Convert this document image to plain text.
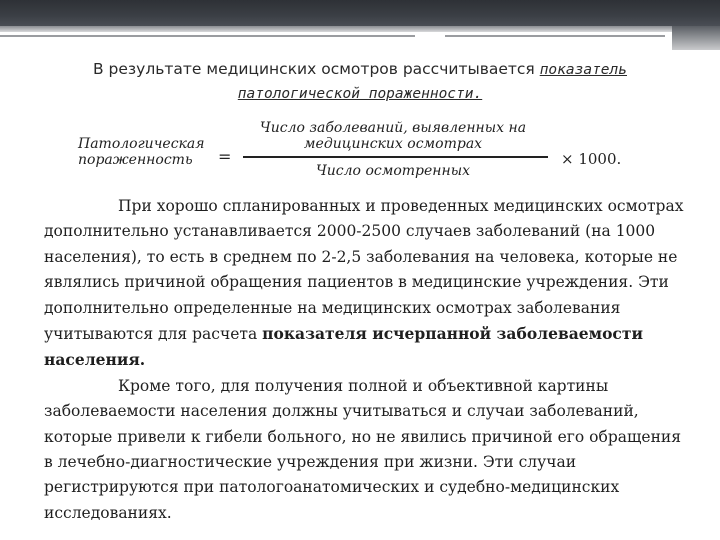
В результате медицинских осмотров рассчитывается показатель
патологической пораженности.
Патологическая
пораженность	=
Число заболеваний, выявленных на
медицинских осмотрах
Число осмотренных
× 1000.

При хорошо спланированных и проведенных медицинских осмотрах дополнительно устанавливается 2000-2500 случаев заболеваний (на 1000 населения), то есть в среднем по 2-2,5 заболевания на человека, которые не являлись причиной обращения пациентов в медицинские учреждения. Эти дополнительно определенные на медицинских осмотрах заболевания учитываются для расчета показателя исчерпанной заболеваемости населения.

Кроме того, для получения полной и объективной картины заболеваемости населения должны учитываться и случаи заболеваний, которые привели к гибели больного, но не явились причиной его обращения в лечебно-диагностические учреждения при жизни. Эти случаи регистрируются при патологоанатомических и судебно-медицинских исследованиях.
